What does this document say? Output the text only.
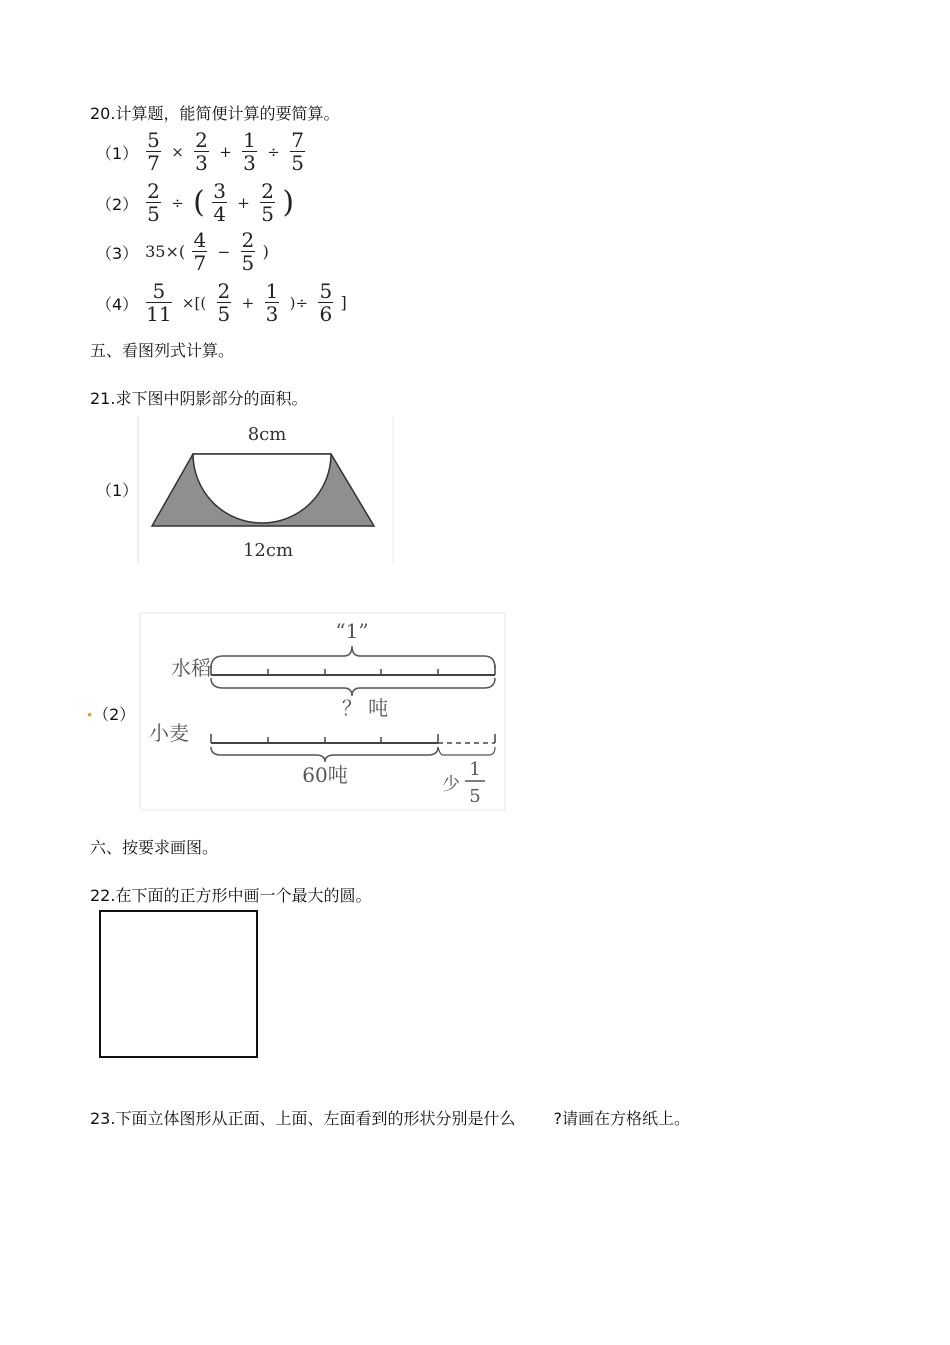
20.计算题，能简便计算的要简算。
$(1) \frac{5}{7} \times \frac{2}{3} + \frac{1}{3} \div \frac{7}{5}$
$(2) \frac{2}{5}$ ÷ ( $\frac{3}{4} + \frac{2}{5}$ )
（3） $35\times( \frac{4}{7} - \frac{2}{5}$ )
$(4) \frac{5}{11}$ ×[( $\frac{2}{5} + \frac{1}{3}$ )÷ $\frac{5}{6}$ ]
五、看图列式计算。
21.求下图中阴影部分的面积。
（1）
8cm
12cm
•（2）
“1”
水稻
？ 吨
小麦
60吨	少
1
5
六、按要求画图。
22.在下面的正方形中画一个最大的圆。
23.下面立体图形从正面、上面、左面看到的形状分别是什么 ?请画在方格纸上。
